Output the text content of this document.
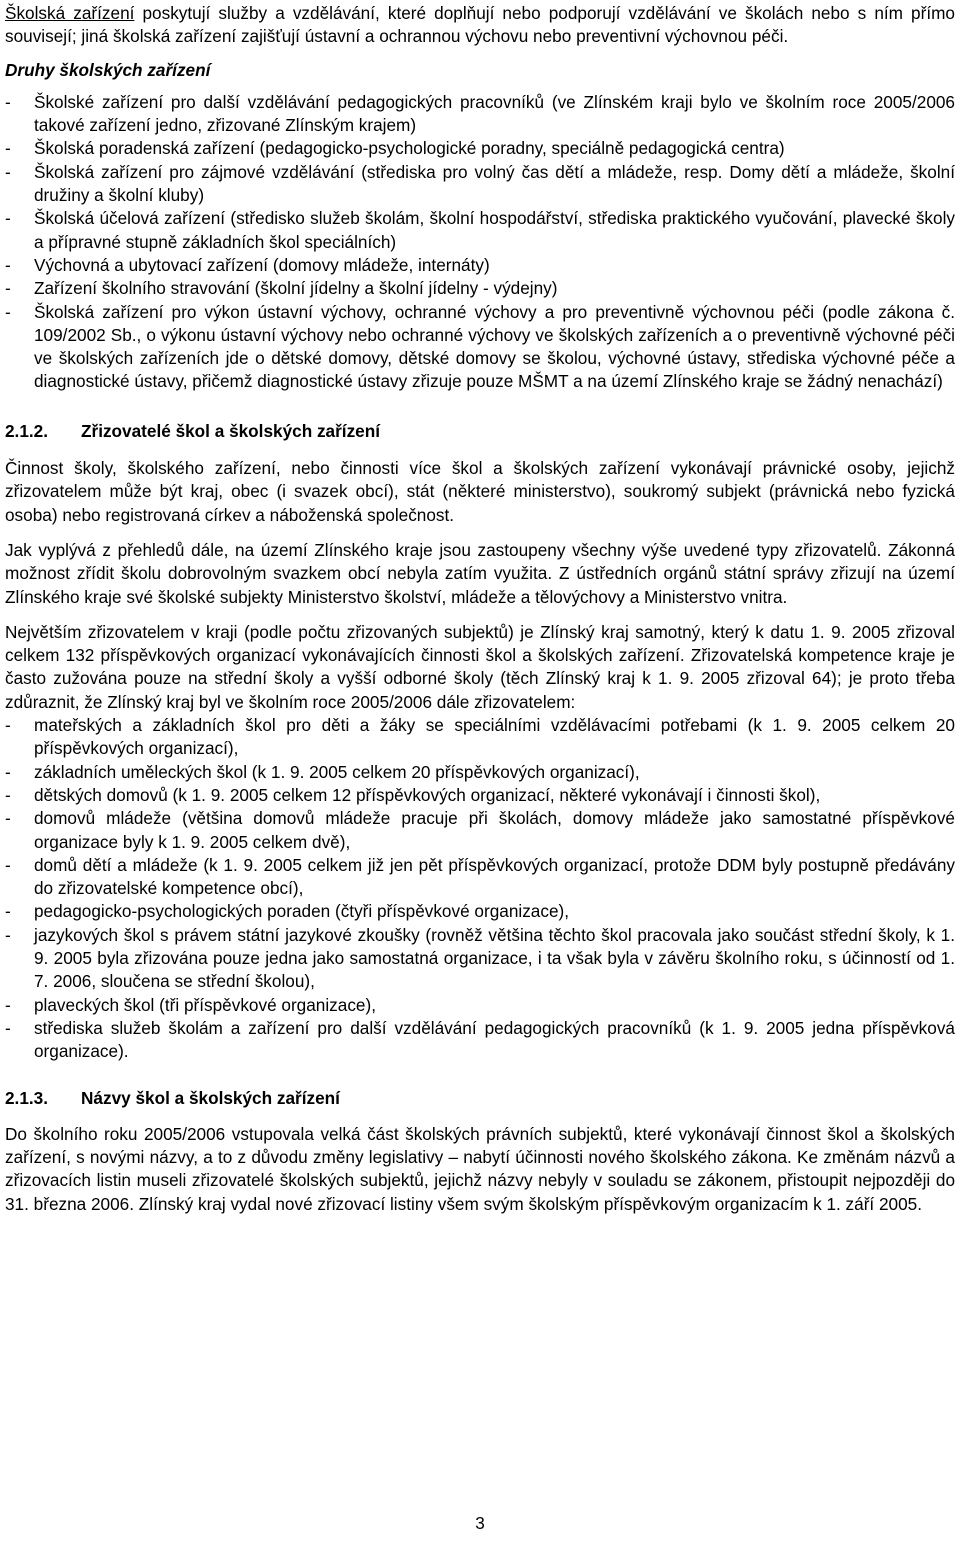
Školská zařízení poskytují služby a vzdělávání, které doplňují nebo podporují vzdělávání ve školách nebo s ním přímo souvisejí; jiná školská zařízení zajišťují ústavní a ochrannou výchovu nebo preventivní výchovnou péči.

Druhy školských zařízení

- Školské zařízení pro další vzdělávání pedagogických pracovníků (ve Zlínském kraji bylo ve školním roce 2005/2006 takové zařízení jedno, zřizované Zlínským krajem)
- Školská poradenská zařízení (pedagogicko-psychologické poradny, speciálně pedagogická centra)
- Školská zařízení pro zájmové vzdělávání (střediska pro volný čas dětí a mládeže, resp. Domy dětí a mládeže, školní družiny a školní kluby)
- Školská účelová zařízení (středisko služeb školám, školní hospodářství, střediska praktického vyučování, plavecké školy a přípravné stupně základních škol speciálních)
- Výchovná a ubytovací zařízení (domovy mládeže, internáty)
- Zařízení školního stravování (školní jídelny a školní jídelny - výdejny)
- Školská zařízení pro výkon ústavní výchovy, ochranné výchovy a pro preventivně výchovnou péči (podle zákona č. 109/2002 Sb., o výkonu ústavní výchovy nebo ochranné výchovy ve školských zařízeních a o preventivně výchovné péči ve školských zařízeních jde o dětské domovy, dětské domovy se školou, výchovné ústavy, střediska výchovné péče a diagnostické ústavy, přičemž diagnostické ústavy zřizuje pouze MŠMT a na území Zlínského kraje se žádný nenachází)

2.1.2. Zřizovatelé škol a školských zařízení

Činnost školy, školského zařízení, nebo činnosti více škol a školských zařízení vykonávají právnické osoby, jejichž zřizovatelem může být kraj, obec (i svazek obcí), stát (některé ministerstvo), soukromý subjekt (právnická nebo fyzická osoba) nebo registrovaná církev a náboženská společnost.

Jak vyplývá z přehledů dále, na území Zlínského kraje jsou zastoupeny všechny výše uvedené typy zřizovatelů. Zákonná možnost zřídit školu dobrovolným svazkem obcí nebyla zatím využita. Z ústředních orgánů státní správy zřizují na území Zlínského kraje své školské subjekty Ministerstvo školství, mládeže a tělovýchovy a Ministerstvo vnitra.

Největším zřizovatelem v kraji (podle počtu zřizovaných subjektů) je Zlínský kraj samotný, který k datu 1. 9. 2005 zřizoval celkem 132 příspěvkových organizací vykonávajících činnosti škol a školských zařízení. Zřizovatelská kompetence kraje je často zužována pouze na střední školy a vyšší odborné školy (těch Zlínský kraj k 1. 9. 2005 zřizoval 64); je proto třeba zdůraznit, že Zlínský kraj byl ve školním roce 2005/2006 dále zřizovatelem:

- mateřských a základních škol pro děti a žáky se speciálními vzdělávacími potřebami (k 1. 9. 2005 celkem 20 příspěvkových organizací),
- základních uměleckých škol (k 1. 9. 2005 celkem 20 příspěvkových organizací),
- dětských domovů (k 1. 9. 2005 celkem 12 příspěvkových organizací, některé vykonávají i činnosti škol),
- domovů mládeže (většina domovů mládeže pracuje při školách, domovy mládeže jako samostatné příspěvkové organizace byly k 1. 9. 2005 celkem dvě),
- domů dětí a mládeže (k 1. 9. 2005 celkem již jen pět příspěvkových organizací, protože DDM byly postupně předávány do zřizovatelské kompetence obcí),
- pedagogicko-psychologických poraden (čtyři příspěvkové organizace),
- jazykových škol s právem státní jazykové zkoušky (rovněž většina těchto škol pracovala jako součást střední školy, k 1. 9. 2005 byla zřizována pouze jedna jako samostatná organizace, i ta však byla v závěru školního roku, s účinností od 1. 7. 2006, sloučena se střední školou),
- plaveckých škol (tři příspěvkové organizace),
- střediska služeb školám a zařízení pro další vzdělávání pedagogických pracovníků (k 1. 9. 2005 jedna příspěvková organizace).

2.1.3. Názvy škol a školských zařízení

Do školního roku 2005/2006 vstupovala velká část školských právních subjektů, které vykonávají činnost škol a školských zařízení, s novými názvy, a to z důvodu změny legislativy – nabytí účinnosti nového školského zákona. Ke změnám názvů a zřizovacích listin museli zřizovatelé školských subjektů, jejichž názvy nebyly v souladu se zákonem, přistoupit nejpozději do 31. března 2006. Zlínský kraj vydal nové zřizovací listiny všem svým školským příspěvkovým organizacím k 1. září 2005.

3
